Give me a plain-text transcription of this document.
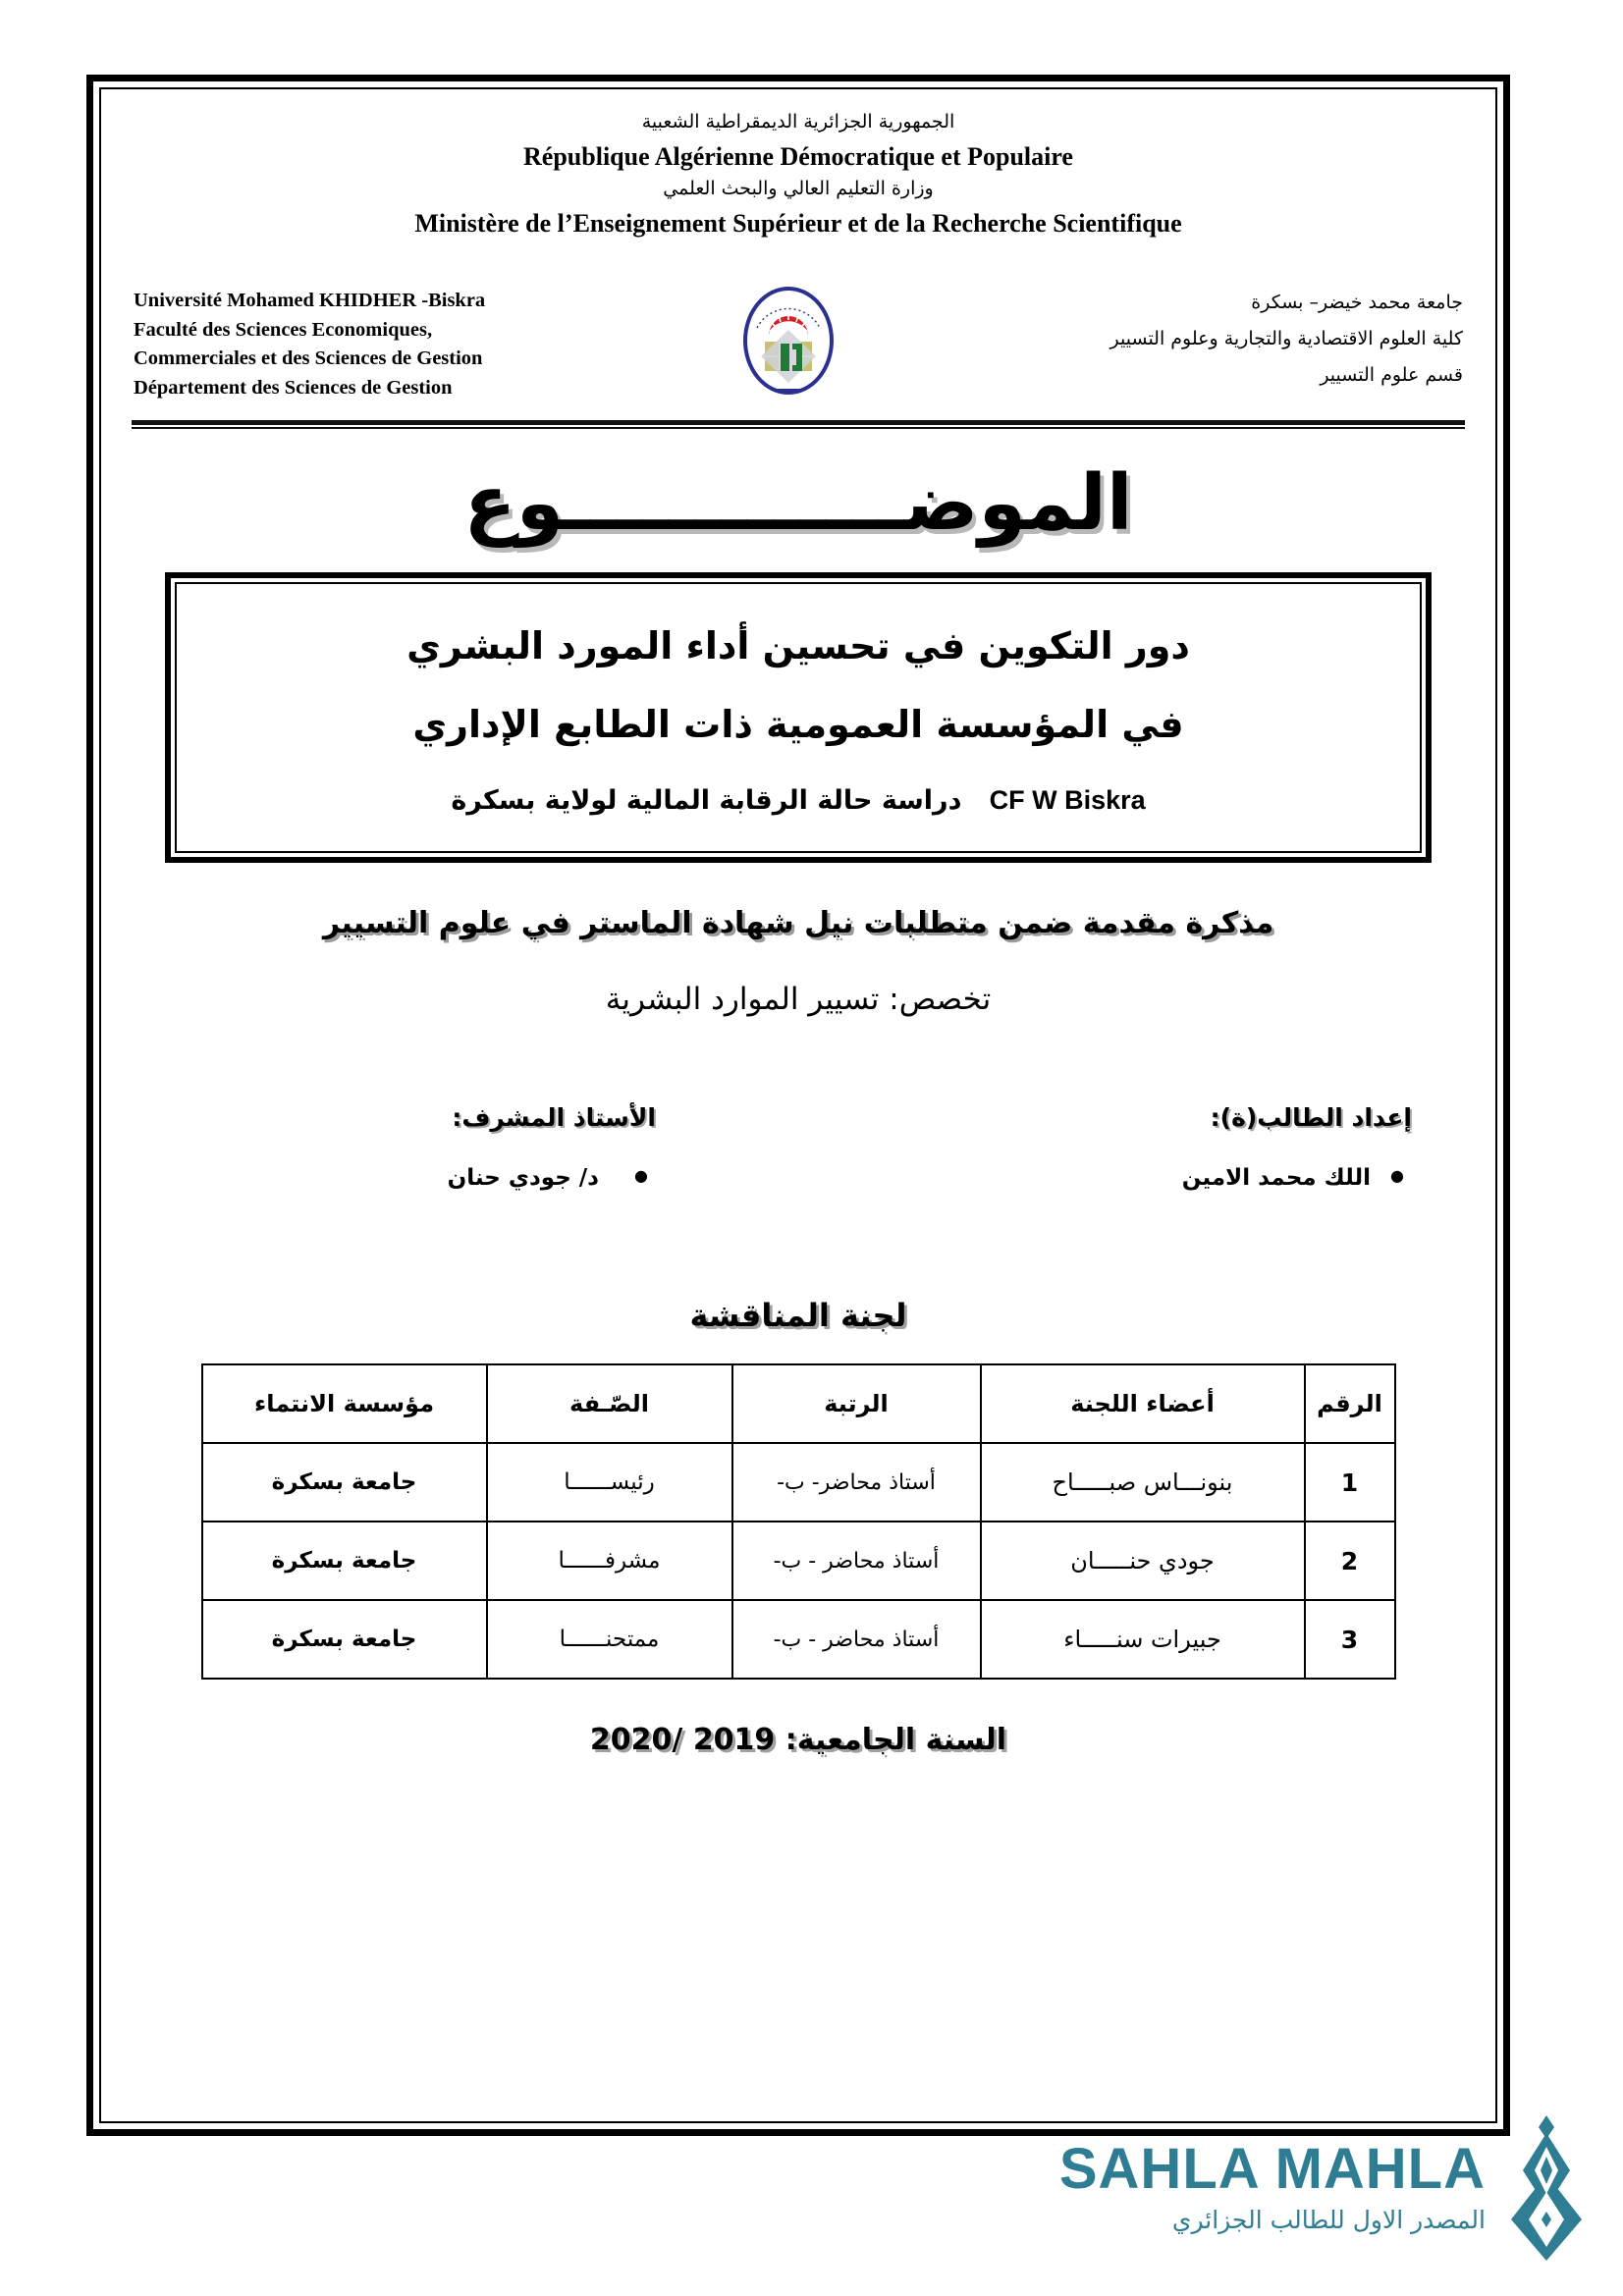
الجمهورية الجزائرية الديمقراطية الشعبية
République Algérienne Démocratique et Populaire
وزارة التعليم العالي والبحث العلمي
Ministère de l’Enseignement Supérieur et de la Recherche Scientifique
Université Mohamed KHIDHER -Biskra
Faculté des Sciences Economiques,
Commerciales et des Sciences de Gestion
Département des Sciences de Gestion
جامعة محمد خيضر– بسكرة
كلية العلوم الاقتصادية والتجارية وعلوم التسيير
قسم علوم التسيير
الموضـــــــــــــوع
دور التكوين في تحسين أداء المورد البشري
في المؤسسة العمومية ذات الطابع الإداري
CF W Biskra   دراسة حالة الرقابة المالية لولاية بسكرة
مذكرة مقدمة ضمن متطلبات نيل شهادة الماستر في علوم التسيير
تخصص: تسيير الموارد البشرية
إعداد الطالب(ة):
● اللك محمد الامين
الأستاذ المشرف:
● د/ جودي حنان
لجنة المناقشة
الرقم	أعضاء اللجنة	الرتبة	الصّـفة	مؤسسة الانتماء
1	بنونـــاس صبـــــاح	أستاذ محاضر- ب-	رئيســــــا	جامعة بسكرة
2	جودي حنـــــان	أستاذ محاضر - ب-	مشرفــــــا	جامعة بسكرة
3	جبيرات سنـــــاء	أستاذ محاضر - ب-	ممتحنــــــا	جامعة بسكرة
السنة الجامعية: 2019 /2020
SAHLA MAHLA
المصدر الاول للطالب الجزائري
